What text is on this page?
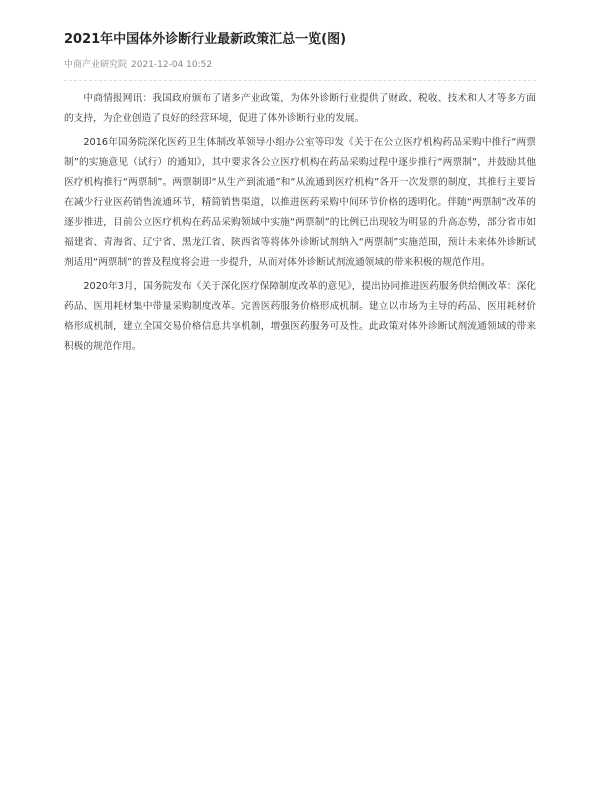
2021年中国体外诊断行业最新政策汇总一览(图)
中商产业研究院 2021-12-04 10:52

中商情报网讯：我国政府颁布了诸多产业政策，为体外诊断行业提供了财政、税收、技术和人才等多方面的支持，为企业创造了良好的经营环境，促进了体外诊断行业的发展。

2016年国务院深化医药卫生体制改革领导小组办公室等印发《关于在公立医疗机构药品采购中推行“两票制”的实施意见（试行）的通知》，其中要求各公立医疗机构在药品采购过程中逐步推行“两票制”，并鼓励其他医疗机构推行“两票制”。两票制即“从生产到流通”和“从流通到医疗机构”各开一次发票的制度，其推行主要旨在减少行业医药销售流通环节，精简销售渠道，以推进医药采购中间环节价格的透明化。伴随“两票制”改革的逐步推进，目前公立医疗机构在药品采购领域中实施“两票制”的比例已出现较为明显的升高态势，部分省市如福建省、青海省、辽宁省、黑龙江省、陕西省等将体外诊断试剂纳入“两票制”实施范围，预计未来体外诊断试剂适用“两票制”的普及程度将会进一步提升，从而对体外诊断试剂流通领域的带来积极的规范作用。

2020年3月，国务院发布《关于深化医疗保障制度改革的意见》，提出协同推进医药服务供给侧改革：深化药品、医用耗材集中带量采购制度改革。完善医药服务价格形成机制。建立以市场为主导的药品、医用耗材价格形成机制，建立全国交易价格信息共享机制，增强医药服务可及性。此政策对体外诊断试剂流通领域的带来积极的规范作用。
